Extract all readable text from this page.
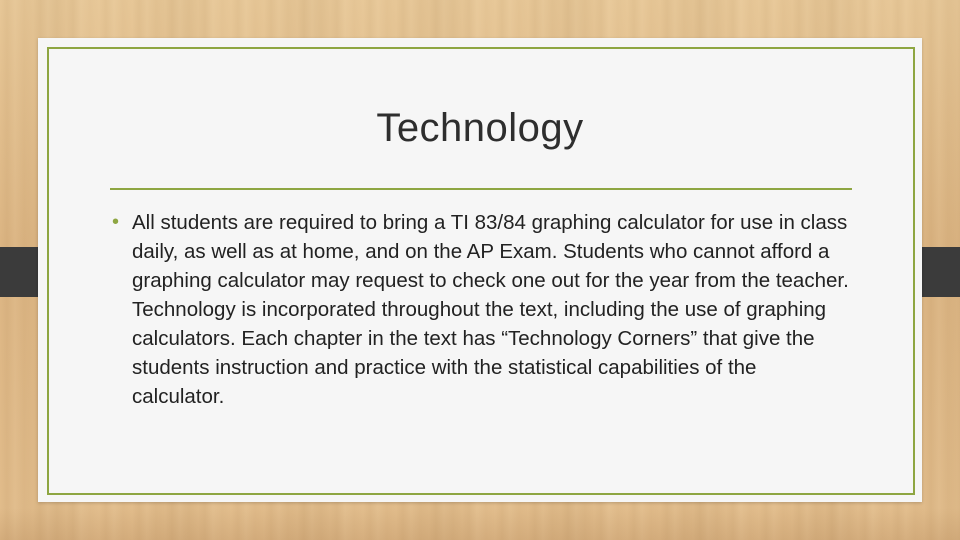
Technology
• All students are required to bring a TI 83/84 graphing calculator for use in class daily, as well as at home, and on the AP Exam. Students who cannot afford a graphing calculator may request to check one out for the year from the teacher. Technology is incorporated throughout the text, including the use of graphing calculators. Each chapter in the text has “Technology Corners” that give the students instruction and practice with the statistical capabilities of the calculator.
